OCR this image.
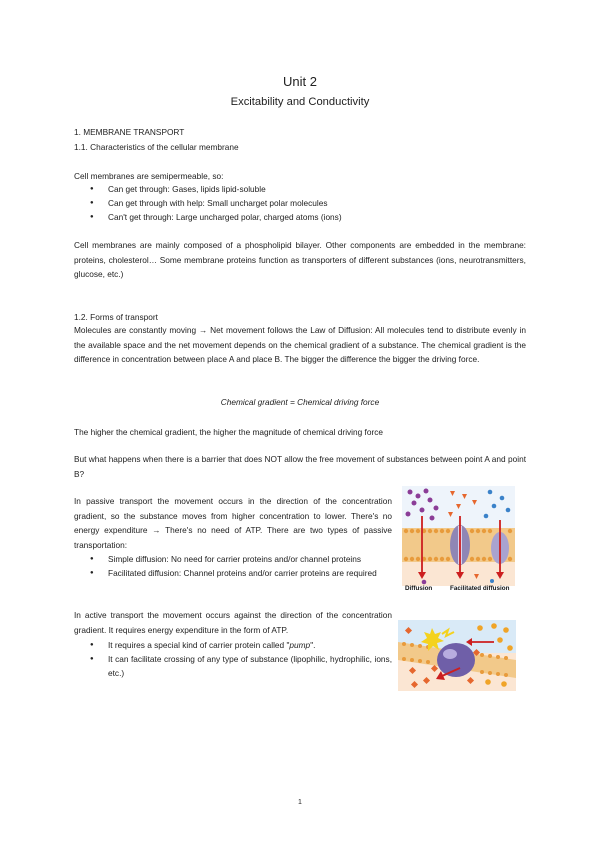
Unit 2
Excitability and Conductivity
1. MEMBRANE TRANSPORT
1.1. Characteristics of the cellular membrane
Cell membranes are semipermeable, so:
● Can get through: Gases, lipids lipid-soluble
● Can get through with help: Small uncharget polar molecules
● Can't get through: Large uncharged polar, charged atoms (ions)
Cell membranes are mainly composed of a phospholipid bilayer. Other components are embedded in the membrane: proteins, cholesterol… Some membrane proteins function as transporters of different substances (ions, neurotransmitters, glucose, etc.)
1.2. Forms of transport
Molecules are constantly moving → Net movement follows the Law of Diffusion: All molecules tend to distribute evenly in the available space and the net movement depends on the chemical gradient of a substance. The chemical gradient is the difference in concentration between place A and place B. The bigger the difference the bigger the driving force.
Chemical gradient = Chemical driving force
The higher the chemical gradient, the higher the magnitude of chemical driving force
But what happens when there is a barrier that does NOT allow the free movement of substances between point A and point B?
In passive transport the movement occurs in the direction of the concentration gradient, so the substance moves from higher concentration to lower. There's no energy expenditure → There's no need of ATP. There are two types of passive transportation:
● Simple diffusion: No need for carrier proteins and/or channel proteins
● Facilitated diffusion: Channel proteins and/or carrier proteins are required
In active transport the movement occurs against the direction of the concentration gradient. It requires energy expenditure in the form of ATP.
● It requires a special kind of carrier protein called "pump".
● It can facilitate crossing of any type of substance (lipophilic, hydrophilic, ions, etc.)
Diffusion	Facilitated diffusion
1
